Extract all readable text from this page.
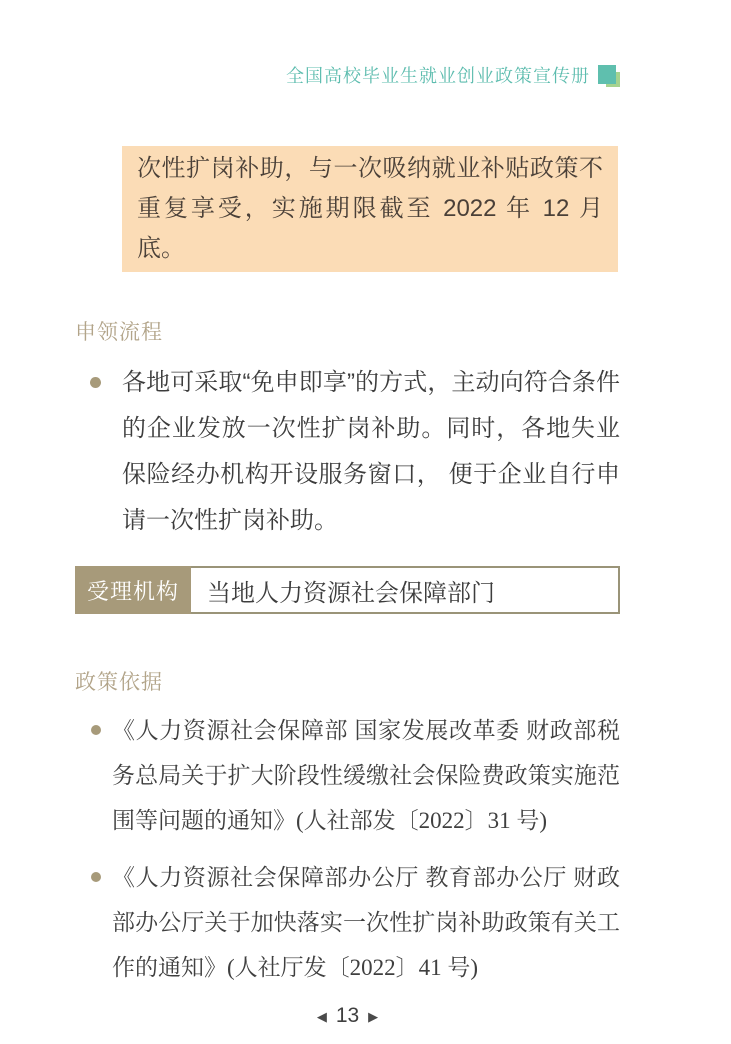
全国高校毕业生就业创业政策宣传册
次性扩岗补助，与一次吸纳就业补贴政策不重复享受，实施期限截至 2022 年 12 月底。
申领流程
各地可采取“免申即享”的方式，主动向符合条件的企业发放一次性扩岗补助。同时，各地失业保险经办机构开设服务窗口， 便于企业自行申请一次性扩岗补助。
受理机构	当地人力资源社会保障部门
政策依据
《人力资源社会保障部 国家发展改革委 财政部税务总局关于扩大阶段性缓缴社会保险费政策实施范围等问题的通知》(人社部发〔2022〕31 号)
《人力资源社会保障部办公厅 教育部办公厅 财政部办公厅关于加快落实一次性扩岗补助政策有关工作的通知》(人社厅发〔2022〕41 号)
◀ 13 ▶
